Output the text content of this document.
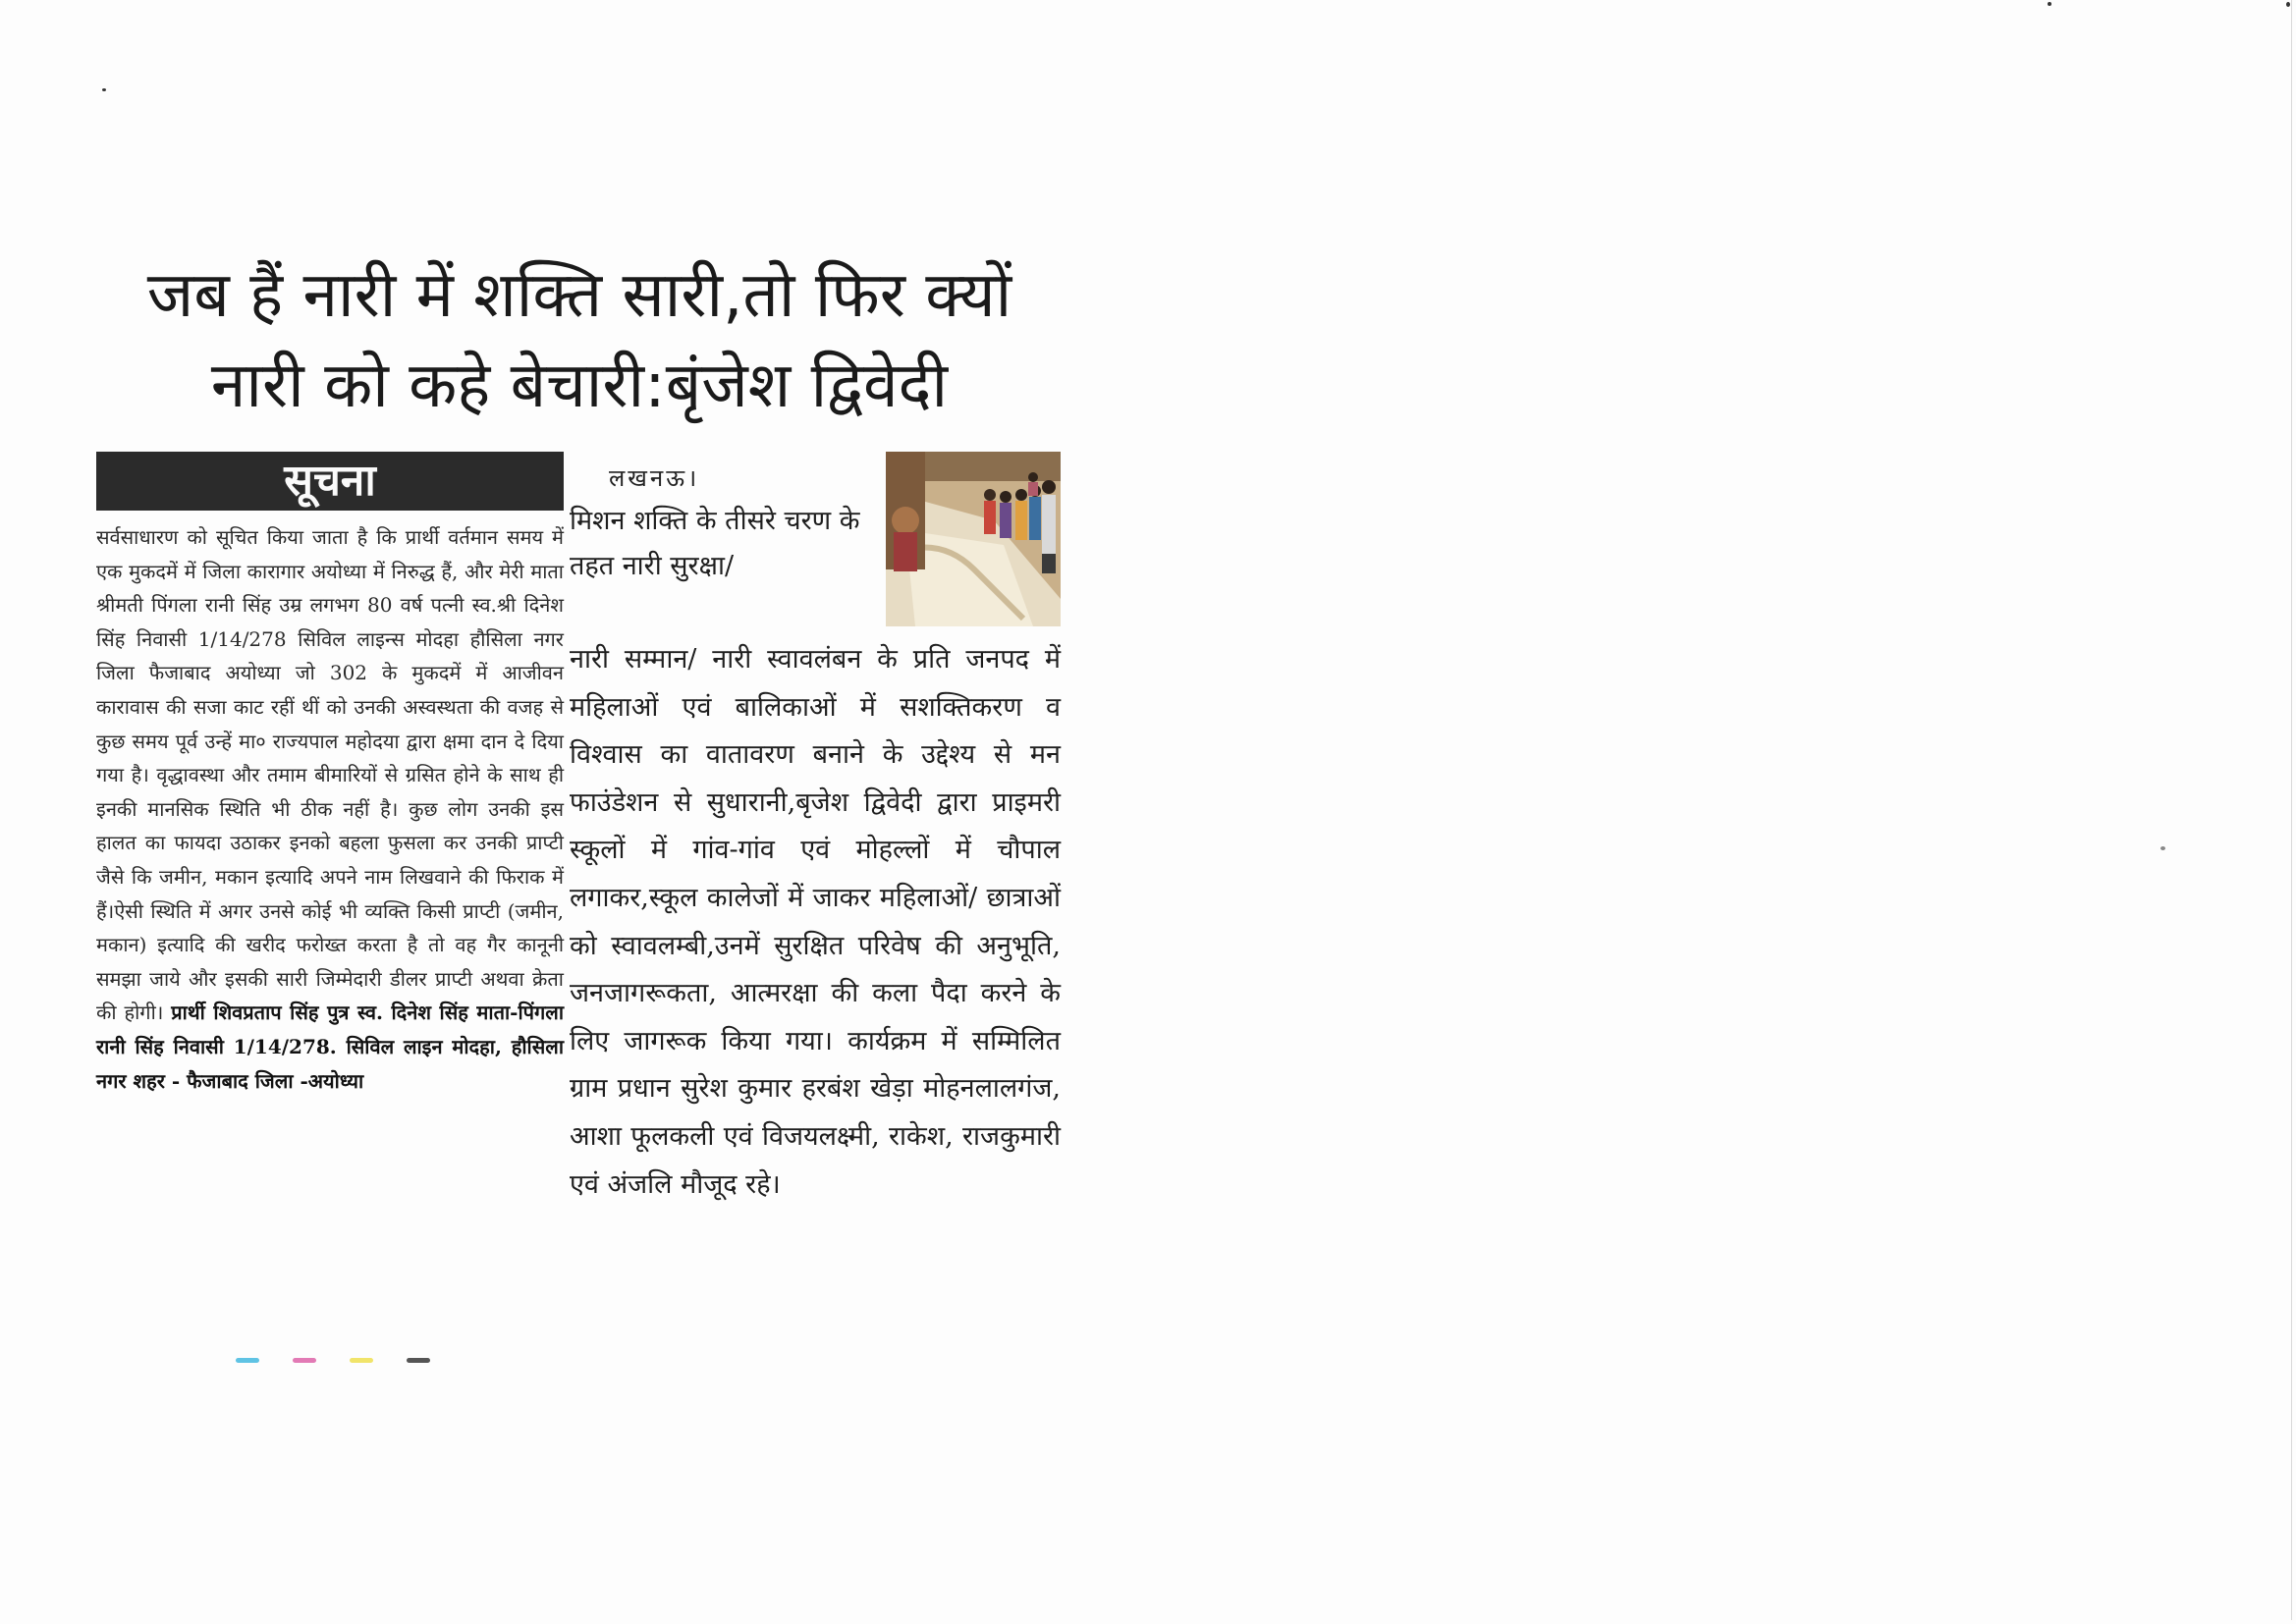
जब हैं नारी में शक्ति सारी,तो फिर क्यों
नारी को कहे बेचारी:बृंजेश द्विवेदी
सूचना

सर्वसाधारण को सूचित किया जाता है कि प्रार्थी वर्तमान समय में एक मुकदमें में जिला कारागार अयोध्या में निरुद्ध हैं, और मेरी माता श्रीमती पिंगला रानी सिंह उम्र लगभग 80 वर्ष पत्नी स्व.श्री दिनेश सिंह निवासी 1/14/278 सिविल लाइन्स मोदहा हौसिला नगर जिला फैजाबाद अयोध्या जो 302 के मुकदमें में आजीवन कारावास की सजा काट रहीं थीं को उनकी अस्वस्थता की वजह से कुछ समय पूर्व उन्हें मा० राज्यपाल महोदया द्वारा क्षमा दान दे दिया गया है। वृद्धावस्था और तमाम बीमारियों से ग्रसित होने के साथ ही इनकी मानसिक स्थिति भी ठीक नहीं है। कुछ लोग उनकी इस हालत का फायदा उठाकर इनको बहला फुसला कर उनकी प्राप्टी जैसे कि जमीन, मकान इत्यादि अपने नाम लिखवाने की फिराक में हैं।ऐसी स्थिति में अगर उनसे कोई भी व्यक्ति किसी प्राप्टी (जमीन, मकान) इत्यादि की खरीद फरोख्त करता है तो वह गैर कानूनी समझा जाये और इसकी सारी जिम्मेदारी डीलर प्राप्टी अथवा क्रेता की होगी। प्रार्थी शिवप्रताप सिंह पुत्र स्व. दिनेश सिंह माता-पिंगला रानी सिंह निवासी 1/14/278. सिविल लाइन मोदहा, हौसिला नगर शहर - फैजाबाद जिला -अयोध्या

लखनऊ।

मिशन शक्ति के तीसरे चरण के तहत नारी सुरक्षा/

नारी सम्मान/ नारी स्वावलंबन के प्रति जनपद में महिलाओं एवं बालिकाओं में सशक्तिकरण व विश्वास का वातावरण बनाने के उद्देश्य से मन फाउंडेशन से सुधारानी,बृजेश द्विवेदी द्वारा प्राइमरी स्कूलों में गांव-गांव एवं मोहल्लों में चौपाल लगाकर,स्कूल कालेजों में जाकर महिलाओं/ छात्राओं को स्वावलम्बी,उनमें सुरक्षित परिवेष की अनुभूति, जनजागरूकता, आत्मरक्षा की कला पैदा करने के लिए जागरूक किया गया। कार्यक्रम में सम्मिलित ग्राम प्रधान सुरेश कुमार हरबंश खेड़ा मोहनलालगंज, आशा फूलकली एवं विजयलक्ष्मी, राकेश, राजकुमारी एवं अंजलि मौजूद रहे।
